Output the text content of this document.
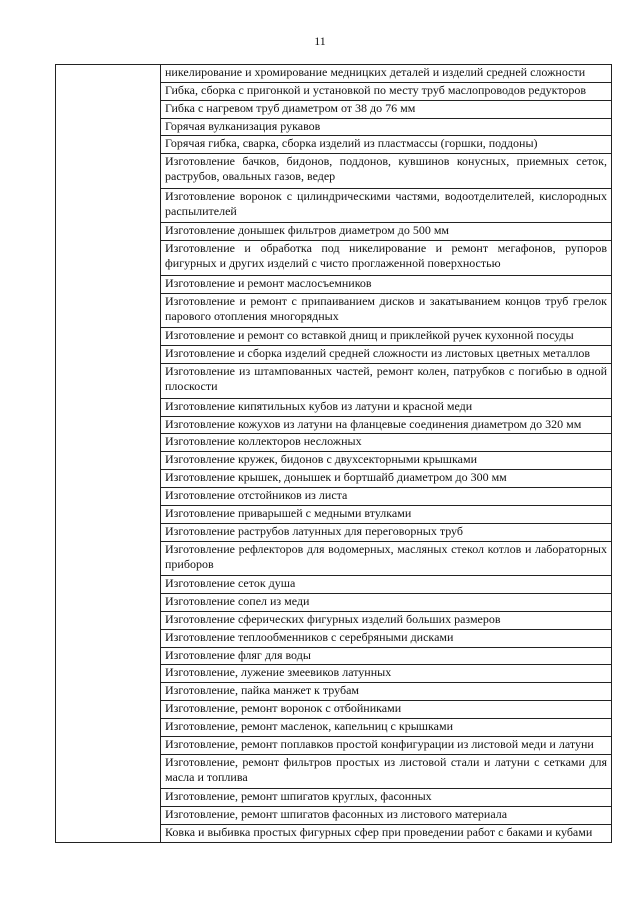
11
	никелирование и хромирование медницких деталей и изделий средней сложности
Гибка, сборка с пригонкой и установкой по месту труб маслопроводов редукторов
Гибка с нагревом труб диаметром от 38 до 76 мм
Горячая вулканизация рукавов
Горячая гибка, сварка, сборка изделий из пластмассы (горшки, поддоны)
Изготовление бачков, бидонов, поддонов, кувшинов конусных, приемных сеток, раструбов, овальных газов, ведер
Изготовление воронок с цилиндрическими частями, водоотделителей, кислородных распылителей
Изготовление донышек фильтров диаметром до 500 мм
Изготовление и обработка под никелирование и ремонт мегафонов, рупоров фигурных и других изделий с чисто проглаженной поверхностью
Изготовление и ремонт маслосъемников
Изготовление и ремонт с припаиванием дисков и закатыванием концов труб грелок парового отопления многорядных
Изготовление и ремонт со вставкой днищ и приклейкой ручек кухонной посуды
Изготовление и сборка изделий средней сложности из листовых цветных металлов
Изготовление из штампованных частей, ремонт колен, патрубков с погибью в одной плоскости
Изготовление кипятильных кубов из латуни и красной меди
Изготовление кожухов из латуни на фланцевые соединения диаметром до 320 мм
Изготовление коллекторов несложных
Изготовление кружек, бидонов с двухсекторными крышками
Изготовление крышек, донышек и бортшайб диаметром до 300 мм
Изготовление отстойников из листа
Изготовление приварышей с медными втулками
Изготовление раструбов латунных для переговорных труб
Изготовление рефлекторов для водомерных, масляных стекол котлов и лабораторных приборов
Изготовление сеток душа
Изготовление сопел из меди
Изготовление сферических фигурных изделий больших размеров
Изготовление теплообменников с серебряными дисками
Изготовление фляг для воды
Изготовление, лужение змеевиков латунных
Изготовление, пайка манжет к трубам
Изготовление, ремонт воронок с отбойниками
Изготовление, ремонт масленок, капельниц с крышками
Изготовление, ремонт поплавков простой конфигурации из листовой меди и латуни
Изготовление, ремонт фильтров простых из листовой стали и латуни с сетками для масла и топлива
Изготовление, ремонт шпигатов круглых, фасонных
Изготовление, ремонт шпигатов фасонных из листового материала
Ковка и выбивка простых фигурных сфер при проведении работ с баками и кубами
